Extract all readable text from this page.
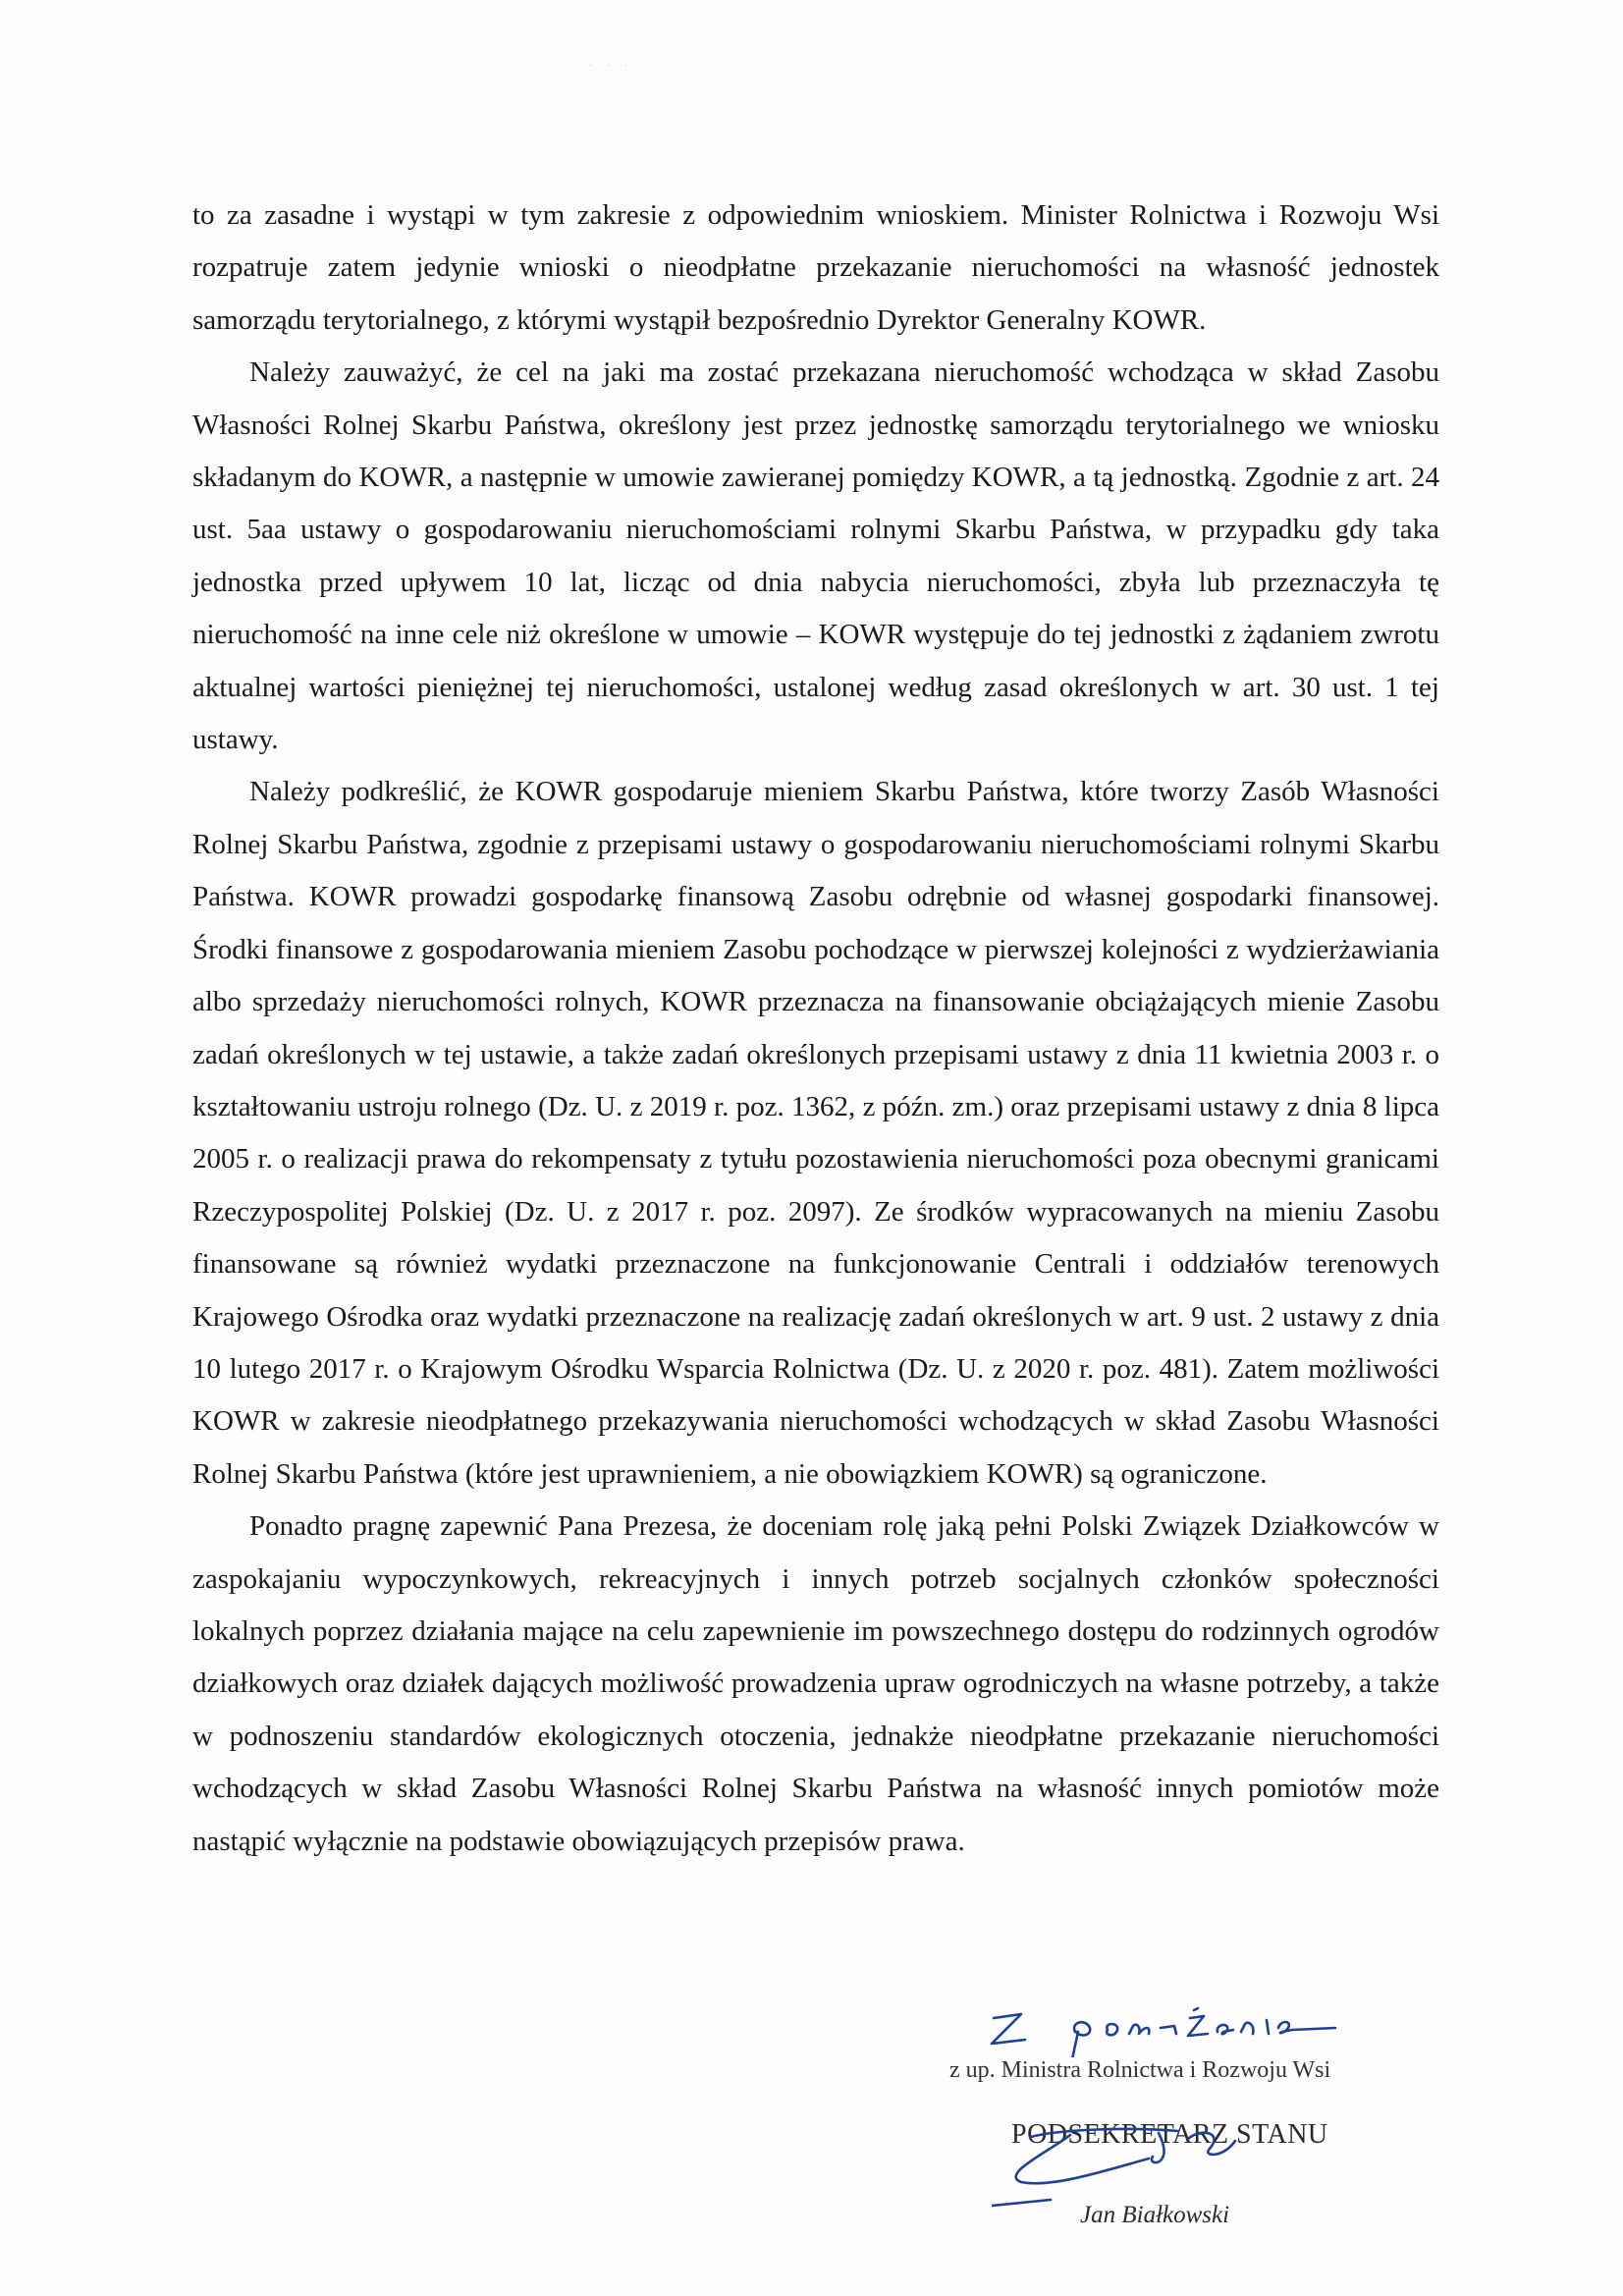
· · ·

to za zasadne i wystąpi w tym zakresie z odpowiednim wnioskiem. Minister Rolnictwa i Rozwoju Wsi rozpatruje zatem jedynie wnioski o nieodpłatne przekazanie nieruchomości na własność jednostek samorządu terytorialnego, z którymi wystąpił bezpośrednio Dyrektor Generalny KOWR.

Należy zauważyć, że cel na jaki ma zostać przekazana nieruchomość wchodząca w skład Zasobu Własności Rolnej Skarbu Państwa, określony jest przez jednostkę samorządu terytorialnego we wniosku składanym do KOWR, a następnie w umowie zawieranej pomiędzy KOWR, a tą jednostką. Zgodnie z art. 24 ust. 5aa ustawy o gospodarowaniu nieruchomościami rolnymi Skarbu Państwa, w przypadku gdy taka jednostka przed upływem 10 lat, licząc od dnia nabycia nieruchomości, zbyła lub przeznaczyła tę nieruchomość na inne cele niż określone w umowie – KOWR występuje do tej jednostki z żądaniem zwrotu aktualnej wartości pieniężnej tej nieruchomości, ustalonej według zasad określonych w art. 30 ust. 1 tej ustawy.

Należy podkreślić, że KOWR gospodaruje mieniem Skarbu Państwa, które tworzy Zasób Własności Rolnej Skarbu Państwa, zgodnie z przepisami ustawy o gospodarowaniu nieruchomościami rolnymi Skarbu Państwa. KOWR prowadzi gospodarkę finansową Zasobu odrębnie od własnej gospodarki finansowej. Środki finansowe z gospodarowania mieniem Zasobu pochodzące w pierwszej kolejności z wydzierżawiania albo sprzedaży nieruchomości rolnych, KOWR przeznacza na finansowanie obciążających mienie Zasobu zadań określonych w tej ustawie, a także zadań określonych przepisami ustawy z dnia 11 kwietnia 2003 r. o kształtowaniu ustroju rolnego (Dz. U. z 2019 r. poz. 1362, z późn. zm.) oraz przepisami ustawy z dnia 8 lipca 2005 r. o realizacji prawa do rekompensaty z tytułu pozostawienia nieruchomości poza obecnymi granicami Rzeczypospolitej Polskiej (Dz. U. z 2017 r. poz. 2097). Ze środków wypracowanych na mieniu Zasobu finansowane są również wydatki przeznaczone na funkcjonowanie Centrali i oddziałów terenowych Krajowego Ośrodka oraz wydatki przeznaczone na realizację zadań określonych w art. 9 ust. 2 ustawy z dnia 10 lutego 2017 r. o Krajowym Ośrodku Wsparcia Rolnictwa (Dz. U. z 2020 r. poz. 481). Zatem możliwości KOWR w zakresie nieodpłatnego przekazywania nieruchomości wchodzących w skład Zasobu Własności Rolnej Skarbu Państwa (które jest uprawnieniem, a nie obowiązkiem KOWR) są ograniczone.

Ponadto pragnę zapewnić Pana Prezesa, że doceniam rolę jaką pełni Polski Związek Działkowców w zaspokajaniu wypoczynkowych, rekreacyjnych i innych potrzeb socjalnych członków społeczności lokalnych poprzez działania mające na celu zapewnienie im powszechnego dostępu do rodzinnych ogrodów działkowych oraz działek dających możliwość prowadzenia upraw ogrodniczych na własne potrzeby, a także w podnoszeniu standardów ekologicznych otoczenia, jednakże nieodpłatne przekazanie nieruchomości wchodzących w skład Zasobu Własności Rolnej Skarbu Państwa na własność innych pomiotów może nastąpić wyłącznie na podstawie obowiązujących przepisów prawa.

z up. Ministra Rolnictwa i Rozwoju Wsi
PODSEKRETARZ STANU
Jan Białkowski
